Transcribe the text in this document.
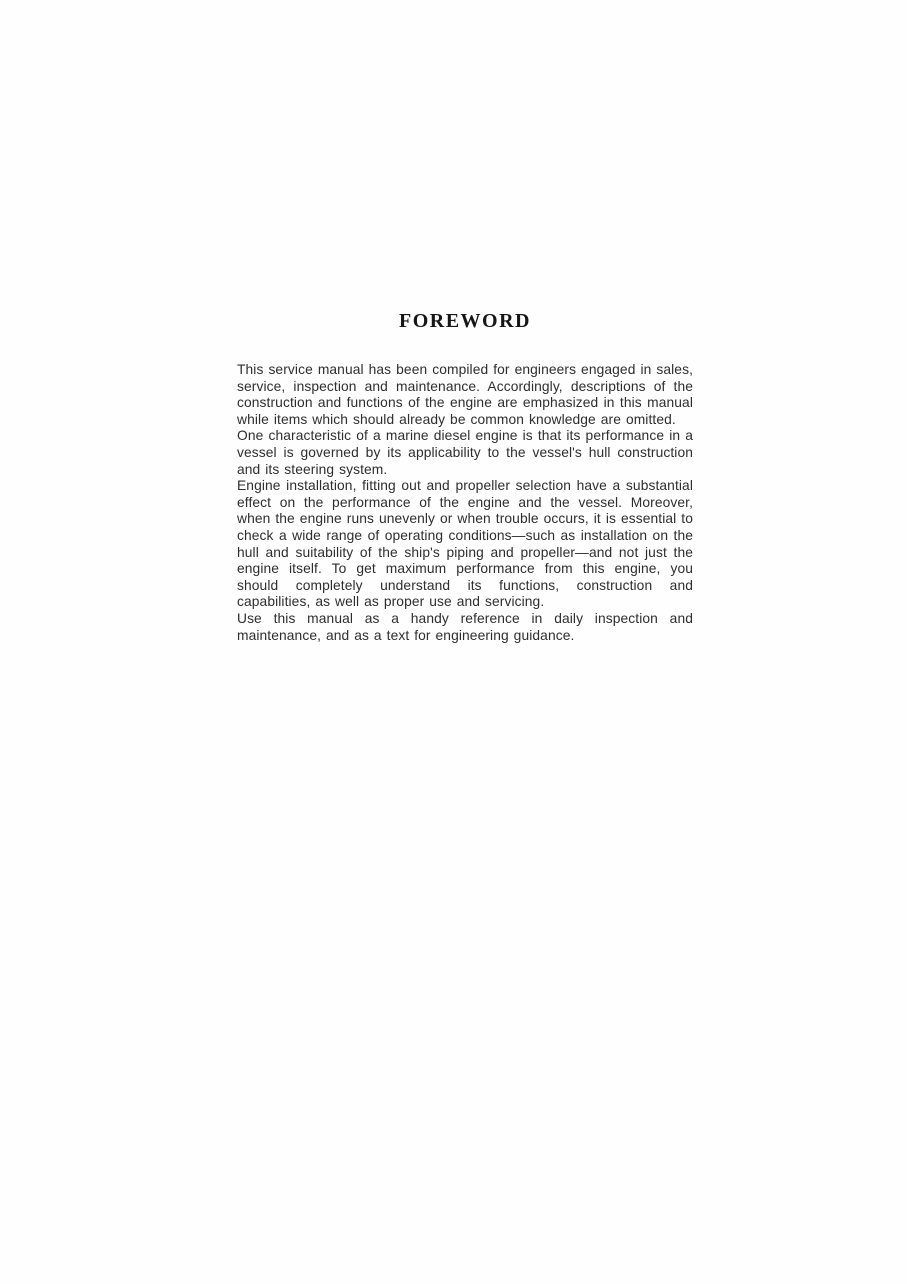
FOREWORD

This service manual has been compiled for engineers engaged in sales, service, inspection and maintenance. Accordingly, descriptions of the construction and functions of the engine are emphasized in this manual while items which should already be common knowledge are omitted.

One characteristic of a marine diesel engine is that its performance in a vessel is governed by its applicability to the vessel's hull construction and its steering system.

Engine installation, fitting out and propeller selection have a substantial effect on the performance of the engine and the vessel. Moreover, when the engine runs unevenly or when trouble occurs, it is essential to check a wide range of operating conditions—such as installation on the hull and suitability of the ship's piping and propeller—and not just the engine itself. To get maximum performance from this engine, you should completely understand its functions, construction and capabilities, as well as proper use and servicing.

Use this manual as a handy reference in daily inspection and maintenance, and as a text for engineering guidance.
